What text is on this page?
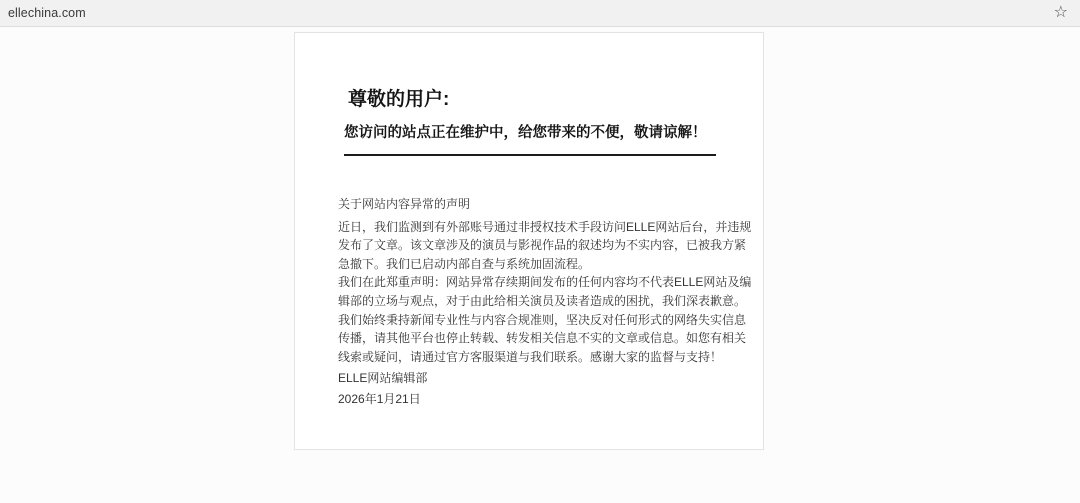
ellechina.com	☆
尊敬的用户:
您访问的站点正在维护中，给您带来的不便，敬请谅解！

关于网站内容异常的声明

近日，我们监测到有外部账号通过非授权技术手段访问ELLE网站后台，并违规发布了文章。该文章涉及的演员与影视作品的叙述均为不实内容，已被我方紧急撤下。我们已启动内部自查与系统加固流程。

我们在此郑重声明：网站异常存续期间发布的任何内容均不代表ELLE网站及编辑部的立场与观点，对于由此给相关演员及读者造成的困扰，我们深表歉意。

我们始终秉持新闻专业性与内容合规准则，坚决反对任何形式的网络失实信息传播，请其他平台也停止转载、转发相关信息不实的文章或信息。如您有相关线索或疑问，请通过官方客服渠道与我们联系。感谢大家的监督与支持！

ELLE网站编辑部

2026年1月21日
